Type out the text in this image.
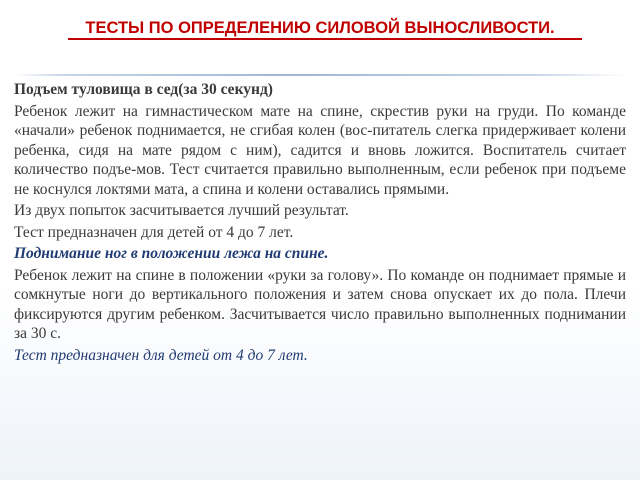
ТЕСТЫ ПО ОПРЕДЕЛЕНИЮ СИЛОВОЙ ВЫНОСЛИВОСТИ.

Подъем туловища в сед(за 30 секунд)

Ребенок лежит на гимнастическом мате на спине, скрестив руки на груди. По команде «начали» ребенок поднимается, не сгибая колен (вос-питатель слегка придерживает колени ребенка, сидя на мате рядом с ним), садится и вновь ложится. Воспитатель считает количество подъе-мов. Тест считается правильно выполненным, если ребенок при подъеме не коснулся локтями мата, а спина и колени оставались прямыми.

Из двух попыток засчитывается лучший результат.

Тест предназначен для детей от 4 до 7 лет.

Поднимание ног в положении лежа на спине.

Ребенок лежит на спине в положении «руки за голову». По команде он поднимает прямые и сомкнутые ноги до вертикального положения и затем снова опускает их до пола. Плечи фиксируются другим ребенком. Засчитывается число правильно выполненных поднимании за 30 с.

Тест предназначен для детей от 4 до 7 лет.
